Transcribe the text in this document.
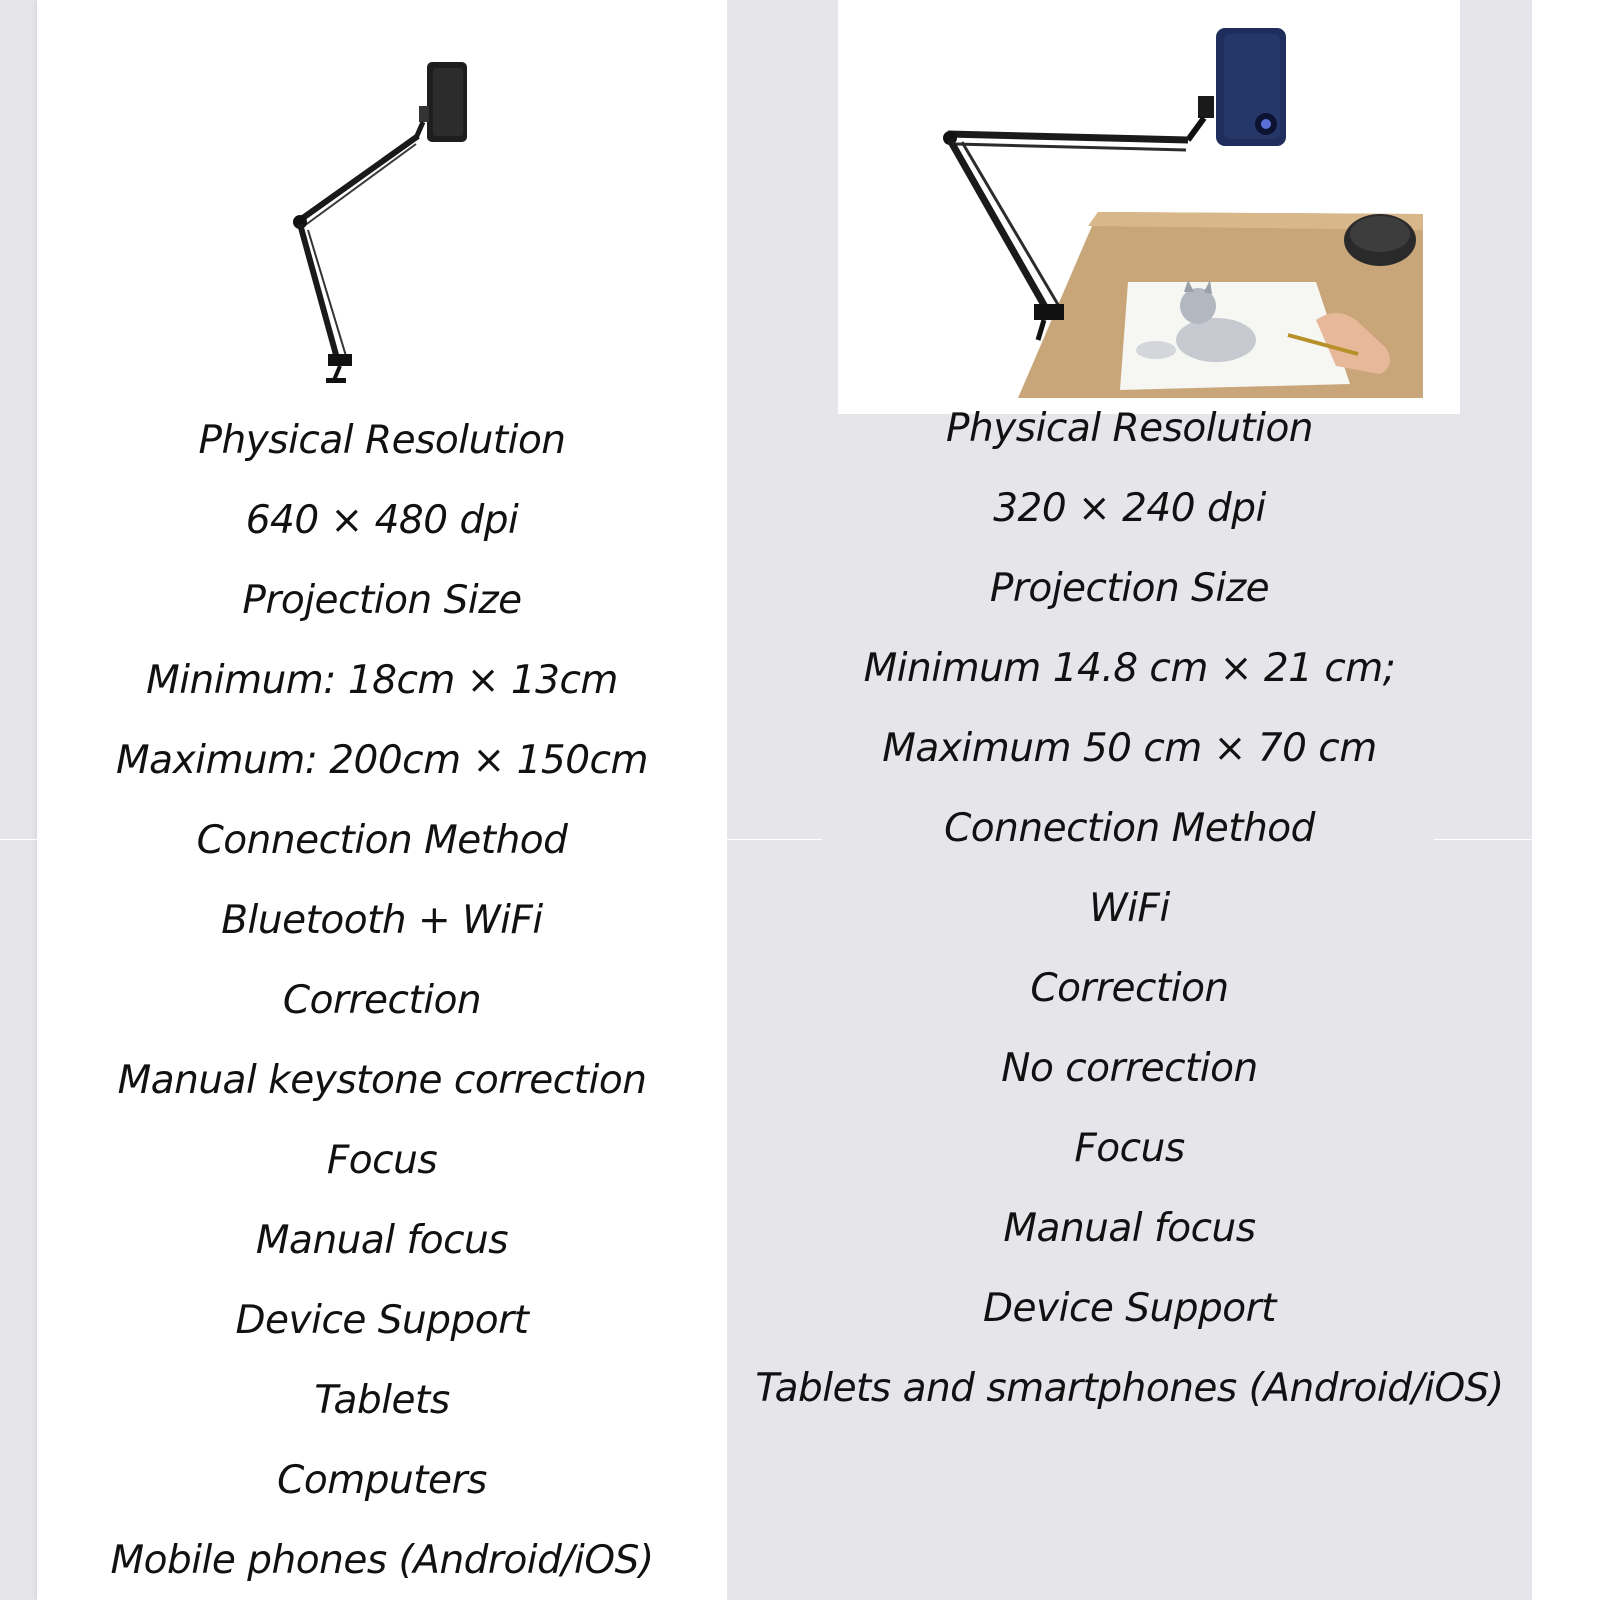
Physical Resolution
640 × 480 dpi
Projection Size
Minimum: 18cm × 13cm
Maximum: 200cm × 150cm
Connection Method
Bluetooth + WiFi
Correction
Manual keystone correction
Focus
Manual focus
Device Support
Tablets
Computers
Mobile phones (Android/iOS)
Physical Resolution
320 × 240 dpi
Projection Size
Minimum 14.8 cm × 21 cm;
Maximum 50 cm × 70 cm
Connection Method
WiFi
Correction
No correction
Focus
Manual focus
Device Support
Tablets and smartphones (Android/iOS)
